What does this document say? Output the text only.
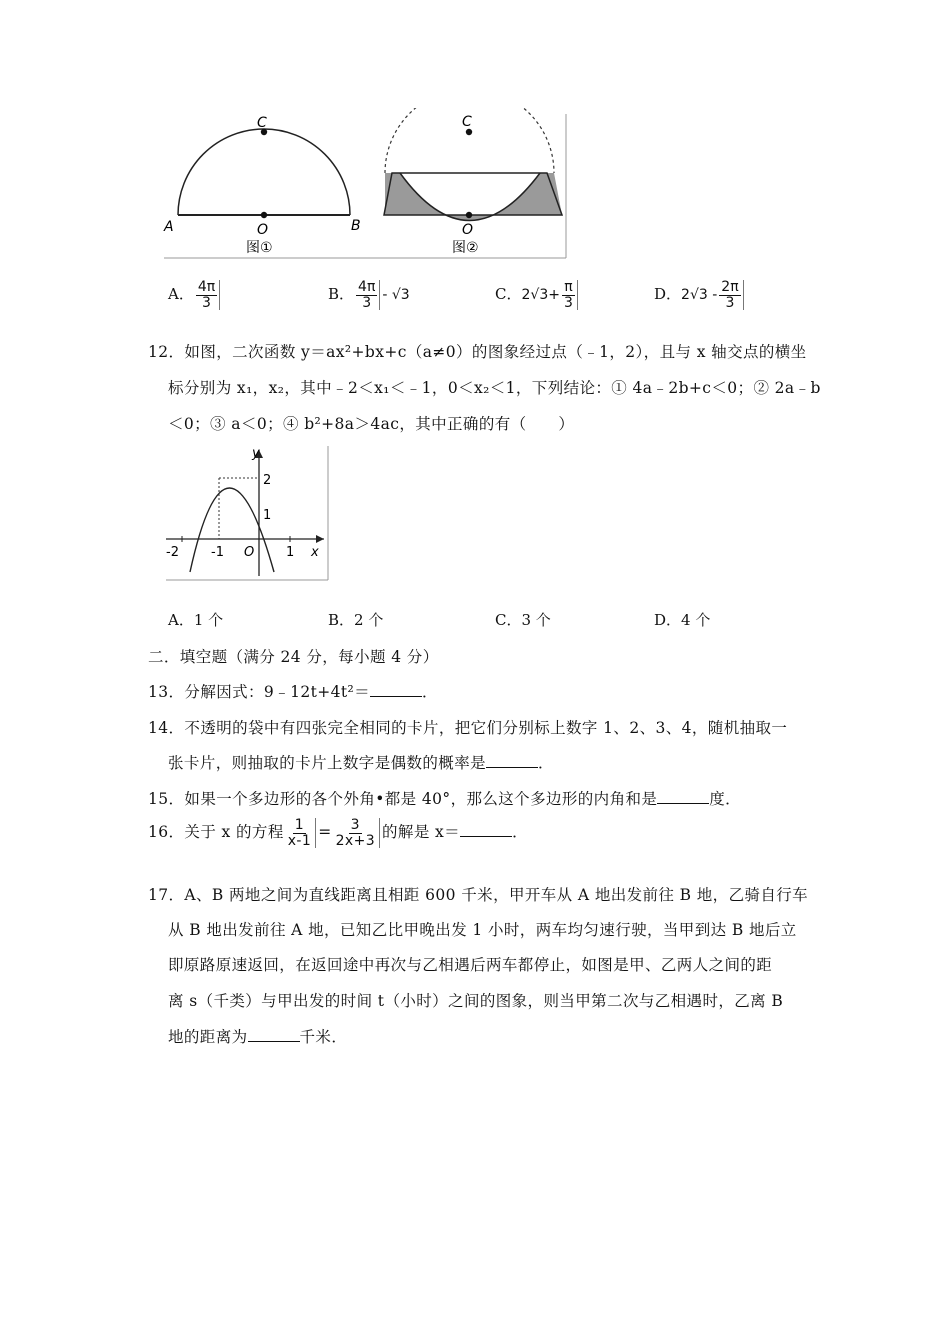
A	B
C
O
图①
C
O
图②
A． $\frac{4\pi}{3}$	B． $\frac{4\pi}{3} - √3$	C．$2√3+ \frac{\pi}{3}$	D．$2√3 - \frac{2\pi}{3}$
12．如图，二次函数 y＝ax²+bx+c（a≠0）的图象经过点（﹣1，2），且与 x 轴交点的横坐
标分别为 x₁，x₂，其中﹣2＜x₁＜﹣1，0＜x₂＜1，下列结论：① 4a﹣2b+c＜0；② 2a﹣b
＜0；③ a＜0；④ b²+8a＞4ac，其中正确的有（　　）
y
x
2
1
-2 -1 O 1
A．1 个	B．2 个	C．3 个	D．4 个
二．填空题（满分 24 分，每小题 4 分）
13．分解因式：9﹣12t+4t²＝	．
14．不透明的袋中有四张完全相同的卡片，把它们分别标上数字 1、2、3、4，随机抽取一
张卡片，则抽取的卡片上数字是偶数的概率是	．
15．如果一个多边形的各个外角•都是 40°，那么这个多边形的内角和是	度．
16．关于 x 的方程 $\frac{1}{x-1} = \frac{3}{2x+3}$ 的解是 x＝	．
17．A、B 两地之间为直线距离且相距 600 千米，甲开车从 A 地出发前往 B 地，乙骑自行车
从 B 地出发前往 A 地，已知乙比甲晚出发 1 小时，两车均匀速行驶，当甲到达 B 地后立
即原路原速返回，在返回途中再次与乙相遇后两车都停止，如图是甲、乙两人之间的距
离 s（千类）与甲出发的时间 t（小时）之间的图象，则当甲第二次与乙相遇时，乙离 B
地的距离为	千米．
